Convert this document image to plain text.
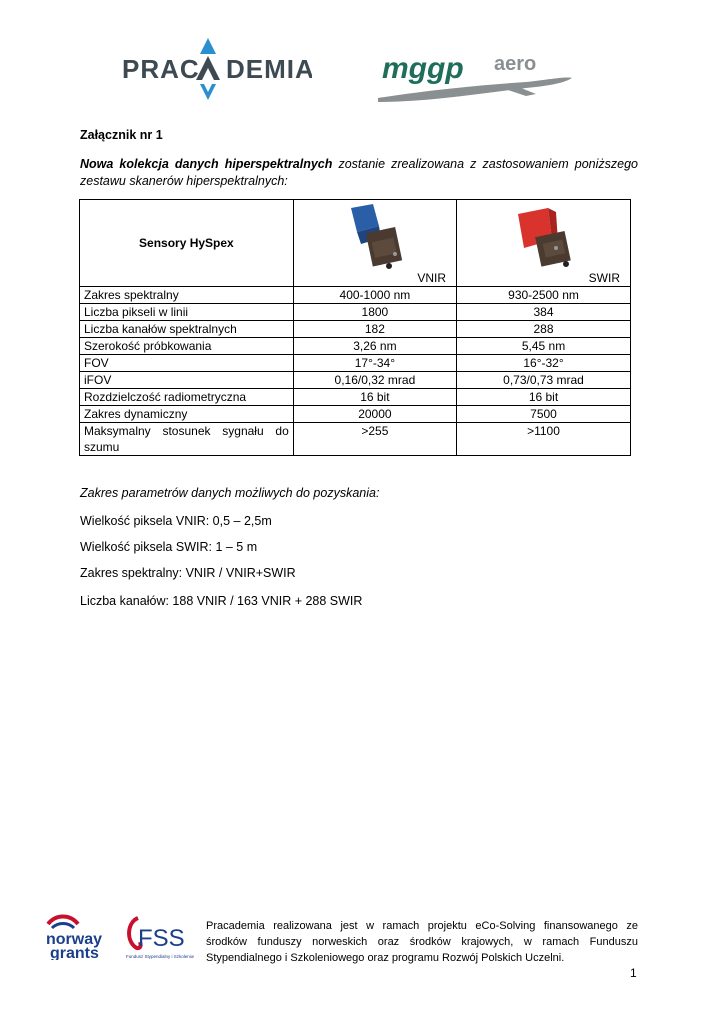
PRAC DEMIA mggp aero
Załącznik nr 1
Nowa kolekcja danych hiperspektralnych zostanie zrealizowana z zastosowaniem poniższego zestawu skanerów hiperspektralnych:
Sensory HySpex	VNIR	SWIR

Zakres spektralny	400-1000 nm	930-2500 nm
Liczba pikseli w linii	1800	384
Liczba kanałów spektralnych	182	288
Szerokość próbkowania	3,26 nm	5,45 nm
FOV	17°-34°	16°-32°
iFOV	0,16/0,32 mrad	0,73/0,73 mrad
Rozdzielczość radiometryczna	16 bit	16 bit
Zakres dynamiczny	20000	7500
Maksymalny stosunek sygnału do szumu	>255	>1100
Zakres parametrów danych możliwych do pozyskania:
Wielkość piksela VNIR: 0,5 – 2,5m
Wielkość piksela SWIR: 1 – 5 m
Zakres spektralny: VNIR / VNIR+SWIR
Liczba kanałów: 188 VNIR / 163 VNIR + 288 SWIR
norway
grants
FSS
Fundusz Stypendialny i Szkoleniowy
Pracademia realizowana jest w ramach projektu eCo-Solving finansowanego ze środków funduszy norweskich oraz środków krajowych, w ramach Funduszu Stypendialnego i Szkoleniowego oraz programu Rozwój Polskich Uczelni.
1
